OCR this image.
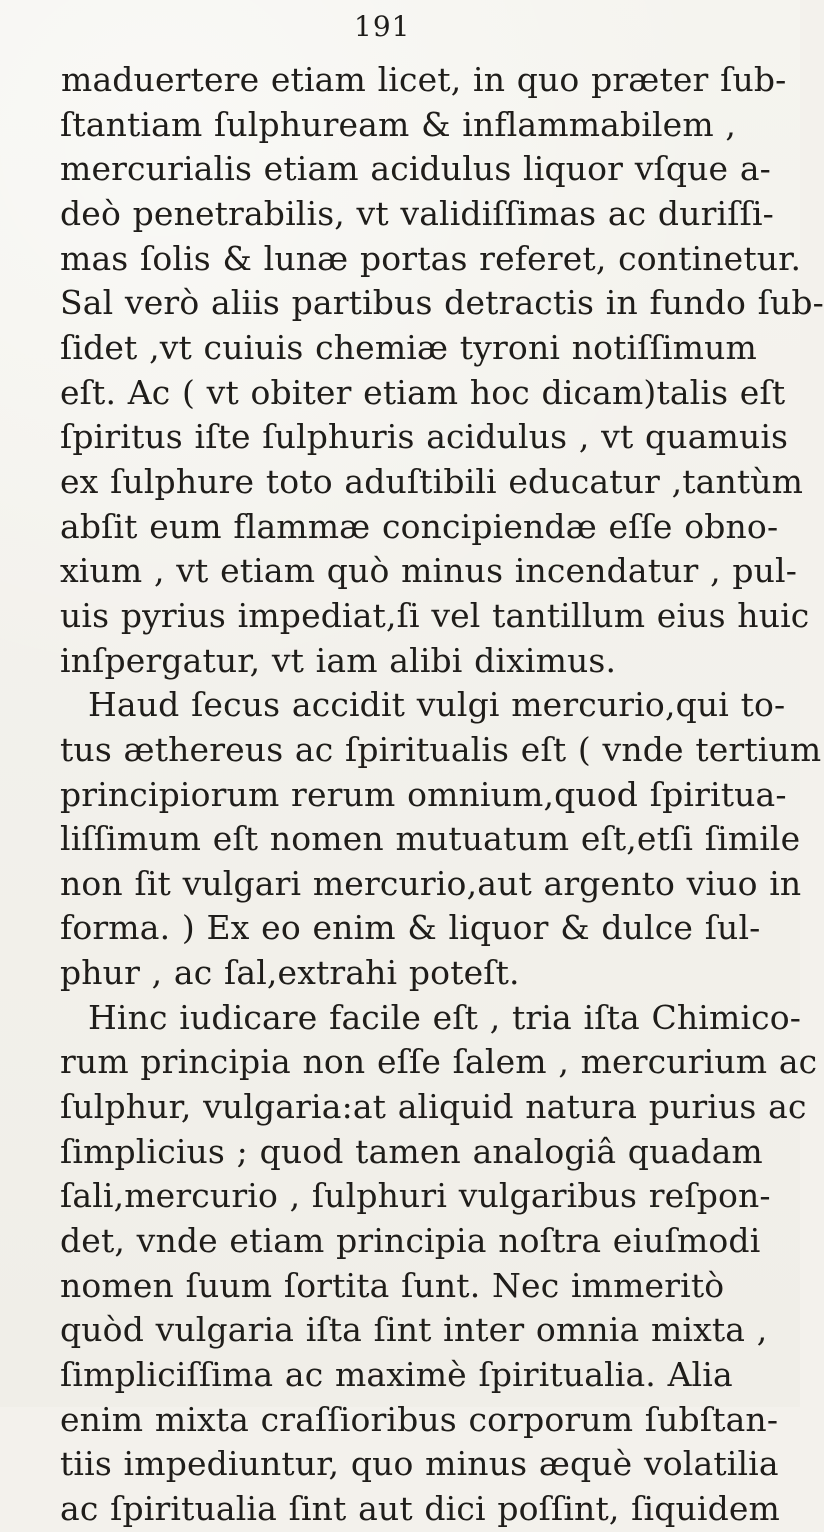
191
maduertere etiam licet, in quo præter ſub-
ſtantiam ſulphuream & inflammabilem ,
mercurialis etiam acidulus liquor vſque a-
deò penetrabilis, vt validiſſimas ac duriſſi-
mas ſolis & lunæ portas referet, continetur.
Sal verò aliis partibus detractis in fundo ſub-
ſidet ,vt cuiuis chemiæ tyroni notiſſimum
eſt. Ac ( vt obiter etiam hoc dicam)talis eſt
ſpiritus iſte ſulphuris acidulus , vt quamuis
ex ſulphure toto aduſtibili educatur ,tantùm
abſit eum flammæ concipiendæ eſſe obno-
xium , vt etiam quò minus incendatur , pul-
uis pyrius impediat,ſi vel tantillum eius huic
inſpergatur, vt iam alibi diximus.
Haud ſecus accidit vulgi mercurio,qui to-
tus æthereus ac ſpiritualis eſt ( vnde tertium
principiorum rerum omnium,quod ſpiritua-
liſſimum eſt nomen mutuatum eſt,etſi ſimile
non ſit vulgari mercurio,aut argento viuo in
forma. ) Ex eo enim & liquor & dulce ſul-
phur , ac ſal,extrahi poteſt.
Hinc iudicare facile eſt , tria iſta Chimico-
rum principia non eſſe ſalem , mercurium ac
ſulphur, vulgaria:at aliquid natura purius ac
ſimplicius ; quod tamen analogiâ quadam
ſali,mercurio , ſulphuri vulgaribus reſpon-
det, vnde etiam principia noſtra eiuſmodi
nomen ſuum ſortita ſunt. Nec immeritò
quòd vulgaria iſta ſint inter omnia mixta ,
ſimpliciſſima ac maximè ſpiritualia. Alia
enim mixta craſſioribus corporum ſubſtan-
tiis impediuntur, quo minus æquè volatilia
ac ſpiritualia ſint aut dici poſſint, ſiquidem
